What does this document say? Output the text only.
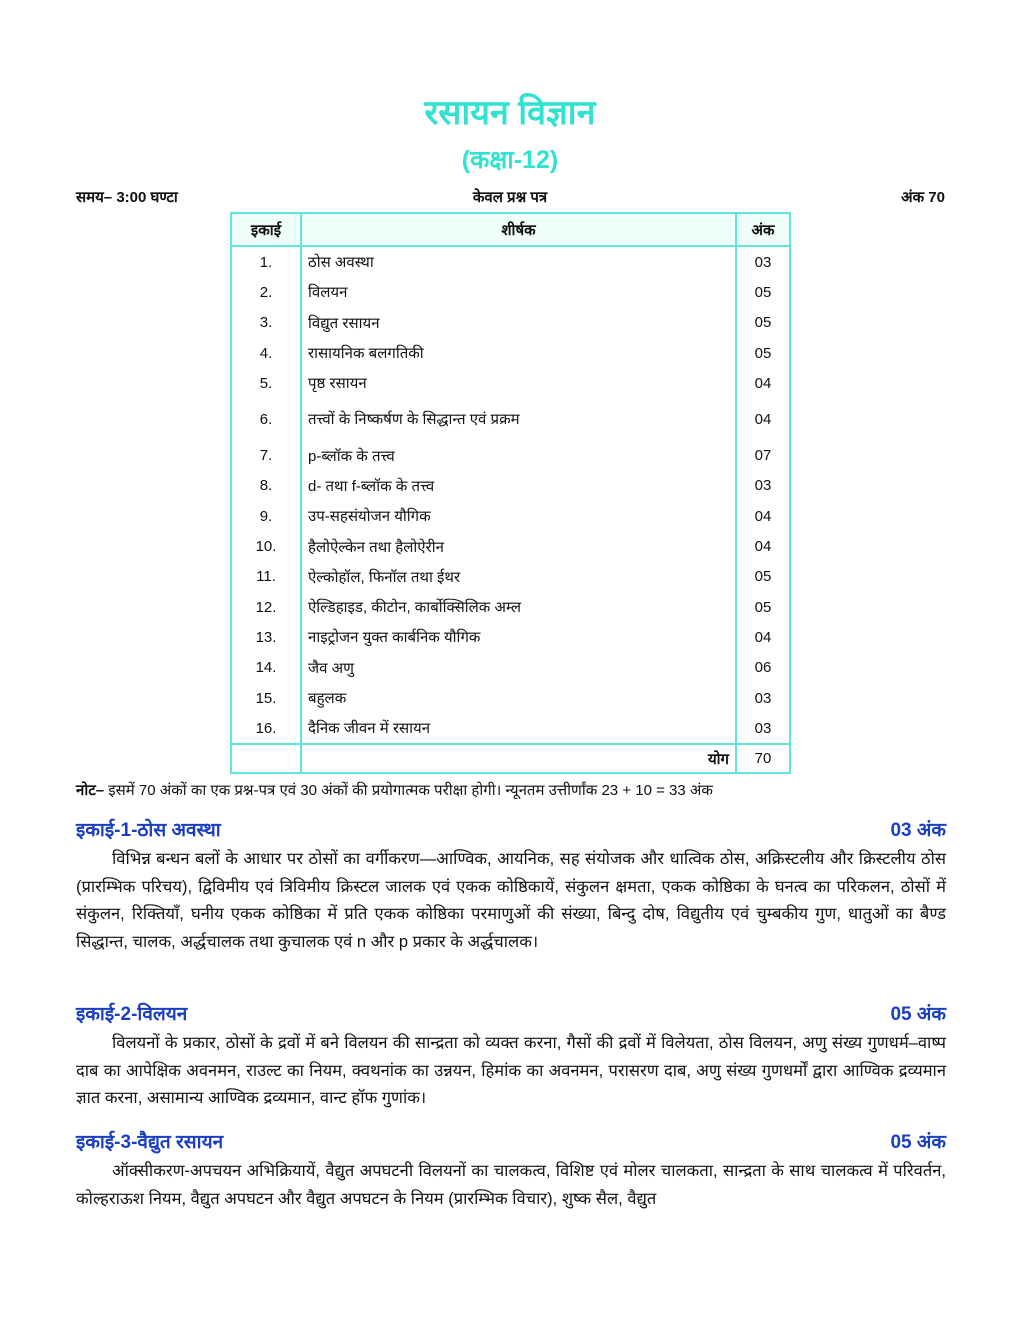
रसायन विज्ञान
(कक्षा-12)
समय– 3:00 घण्टा	केवल प्रश्न पत्र	अंक 70
इकाई	शीर्षक	अंक
1.	ठोस अवस्था	03
2.	विलयन	05
3.	विद्युत रसायन	05
4.	रासायनिक बलगतिकी	05
5.	पृष्ठ रसायन	04
6.	तत्त्वों के निष्कर्षण के सिद्धान्त एवं प्रक्रम	04
7.	p-ब्लॉक के तत्त्व	07
8.	d- तथा f-ब्लॉक के तत्त्व	03
9.	उप-सहसंयोजन यौगिक	04
10.	हैलोऐल्केन तथा हैलोऐरीन	04
11.	ऐल्कोहॉल, फिनॉल तथा ईथर	05
12.	ऐल्डिहाइड, कीटोन, कार्बोक्सिलिक अम्ल	05
13.	नाइट्रोजन युक्त कार्बनिक यौगिक	04
14.	जैव अणु	06
15.	बहुलक	03
16.	दैनिक जीवन में रसायन	03
	योग	70
नोट– इसमें 70 अंकों का एक प्रश्न-पत्र एवं 30 अंकों की प्रयोगात्मक परीक्षा होगी। न्यूनतम उत्तीर्णांक 23 + 10 = 33 अंक
इकाई-1-ठोस अवस्था	03 अंक

विभिन्न बन्धन बलों के आधार पर ठोसों का वर्गीकरण—आण्विक, आयनिक, सह संयोजक और धात्विक ठोस, अक्रिस्टलीय और क्रिस्टलीय ठोस (प्रारम्भिक परिचय), द्विविमीय एवं त्रिविमीय क्रिस्टल जालक एवं एकक कोष्ठिकायें, संकुलन क्षमता, एकक कोष्ठिका के घनत्व का परिकलन, ठोसों में संकुलन, रिक्तियाँ, घनीय एकक कोष्ठिका में प्रति एकक कोष्ठिका परमाणुओं की संख्या, बिन्दु दोष, विद्युतीय एवं चुम्बकीय गुण, धातुओं का बैण्ड सिद्धान्त, चालक, अर्द्धचालक तथा कुचालक एवं n और p प्रकार के अर्द्धचालक।

इकाई-2-विलयन	05 अंक

विलयनों के प्रकार, ठोसों के द्रवों में बने विलयन की सान्द्रता को व्यक्त करना, गैसों की द्रवों में विलेयता, ठोस विलयन, अणु संख्य गुणधर्म–वाष्प दाब का आपेक्षिक अवनमन, राउल्ट का नियम, क्वथनांक का उन्नयन, हिमांक का अवनमन, परासरण दाब, अणु संख्य गुणधर्मों द्वारा आण्विक द्रव्यमान ज्ञात करना, असामान्य आण्विक द्रव्यमान, वान्ट हॉफ गुणांक।

इकाई-3-वैद्युत रसायन	05 अंक

ऑक्सीकरण-अपचयन अभिक्रियायें, वैद्युत अपघटनी विलयनों का चालकत्व, विशिष्ट एवं मोलर चालकता, सान्द्रता के साथ चालकत्व में परिवर्तन, कोल्हराऊश नियम, वैद्युत अपघटन और वैद्युत अपघटन के नियम (प्रारम्भिक विचार), शुष्क सैल, वैद्युत
